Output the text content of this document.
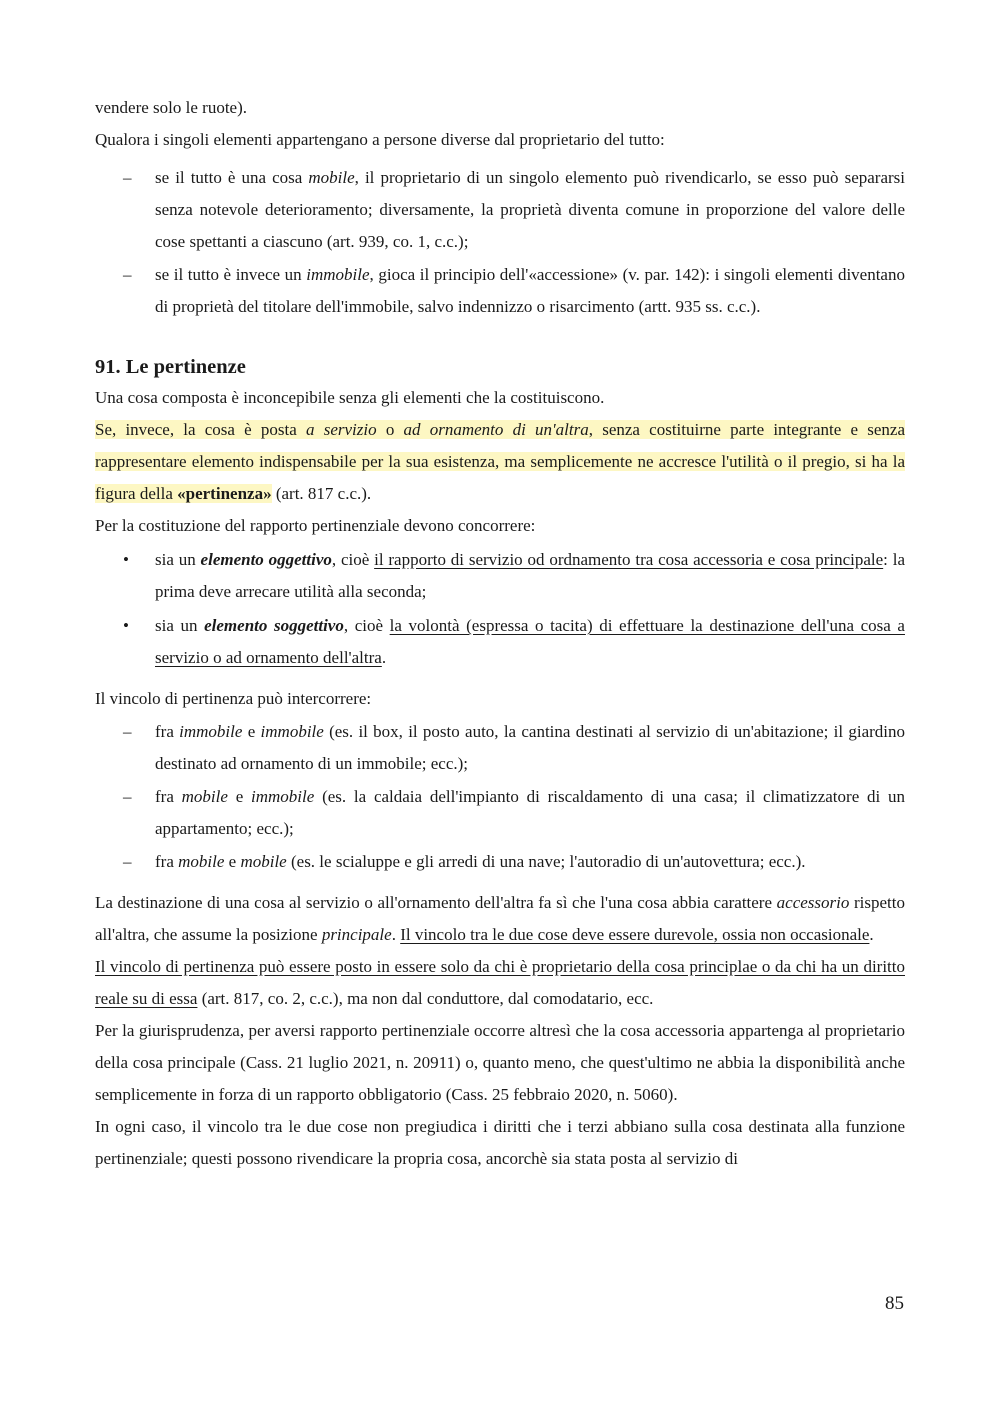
vendere solo le ruote).

Qualora i singoli elementi appartengano a persone diverse dal proprietario del tutto:

– se il tutto è una cosa mobile, il proprietario di un singolo elemento può rivendicarlo, se esso può separarsi senza notevole deterioramento; diversamente, la proprietà diventa comune in proporzione del valore delle cose spettanti a ciascuno (art. 939, co. 1, c.c.);
– se il tutto è invece un immobile, gioca il principio dell'«accessione» (v. par. 142): i singoli elementi diventano di proprietà del titolare dell'immobile, salvo indennizzo o risarcimento (artt. 935 ss. c.c.).
91. Le pertinenze

Una cosa composta è inconcepibile senza gli elementi che la costituiscono.

Se, invece, la cosa è posta a servizio o ad ornamento di un'altra, senza costituirne parte integrante e senza rappresentare elemento indispensabile per la sua esistenza, ma semplicemente ne accresce l'utilità o il pregio, si ha la figura della «pertinenza» (art. 817 c.c.).

Per la costituzione del rapporto pertinenziale devono concorrere:

• sia un elemento oggettivo, cioè il rapporto di servizio od ordnamento tra cosa accessoria e cosa principale: la prima deve arrecare utilità alla seconda;
• sia un elemento soggettivo, cioè la volontà (espressa o tacita) di effettuare la destinazione dell'una cosa a servizio o ad ornamento dell'altra.

Il vincolo di pertinenza può intercorrere:

– fra immobile e immobile (es. il box, il posto auto, la cantina destinati al servizio di un'abitazione; il giardino destinato ad ornamento di un immobile; ecc.);
– fra mobile e immobile (es. la caldaia dell'impianto di riscaldamento di una casa; il climatizzatore di un appartamento; ecc.);
– fra mobile e mobile (es. le scialuppe e gli arredi di una nave; l'autoradio di un'autovettura; ecc.).

La destinazione di una cosa al servizio o all'ornamento dell'altra fa sì che l'una cosa abbia carattere accessorio rispetto all'altra, che assume la posizione principale. Il vincolo tra le due cose deve essere durevole, ossia non occasionale.

Il vincolo di pertinenza può essere posto in essere solo da chi è proprietario della cosa principlae o da chi ha un diritto reale su di essa (art. 817, co. 2, c.c.), ma non dal conduttore, dal comodatario, ecc.

Per la giurisprudenza, per aversi rapporto pertinenziale occorre altresì che la cosa accessoria appartenga al proprietario della cosa principale (Cass. 21 luglio 2021, n. 20911) o, quanto meno, che quest'ultimo ne abbia la disponibilità anche semplicemente in forza di un rapporto obbligatorio (Cass. 25 febbraio 2020, n. 5060).

In ogni caso, il vincolo tra le due cose non pregiudica i diritti che i terzi abbiano sulla cosa destinata alla funzione pertinenziale; questi possono rivendicare la propria cosa, ancorchè sia stata posta al servizio di

85
